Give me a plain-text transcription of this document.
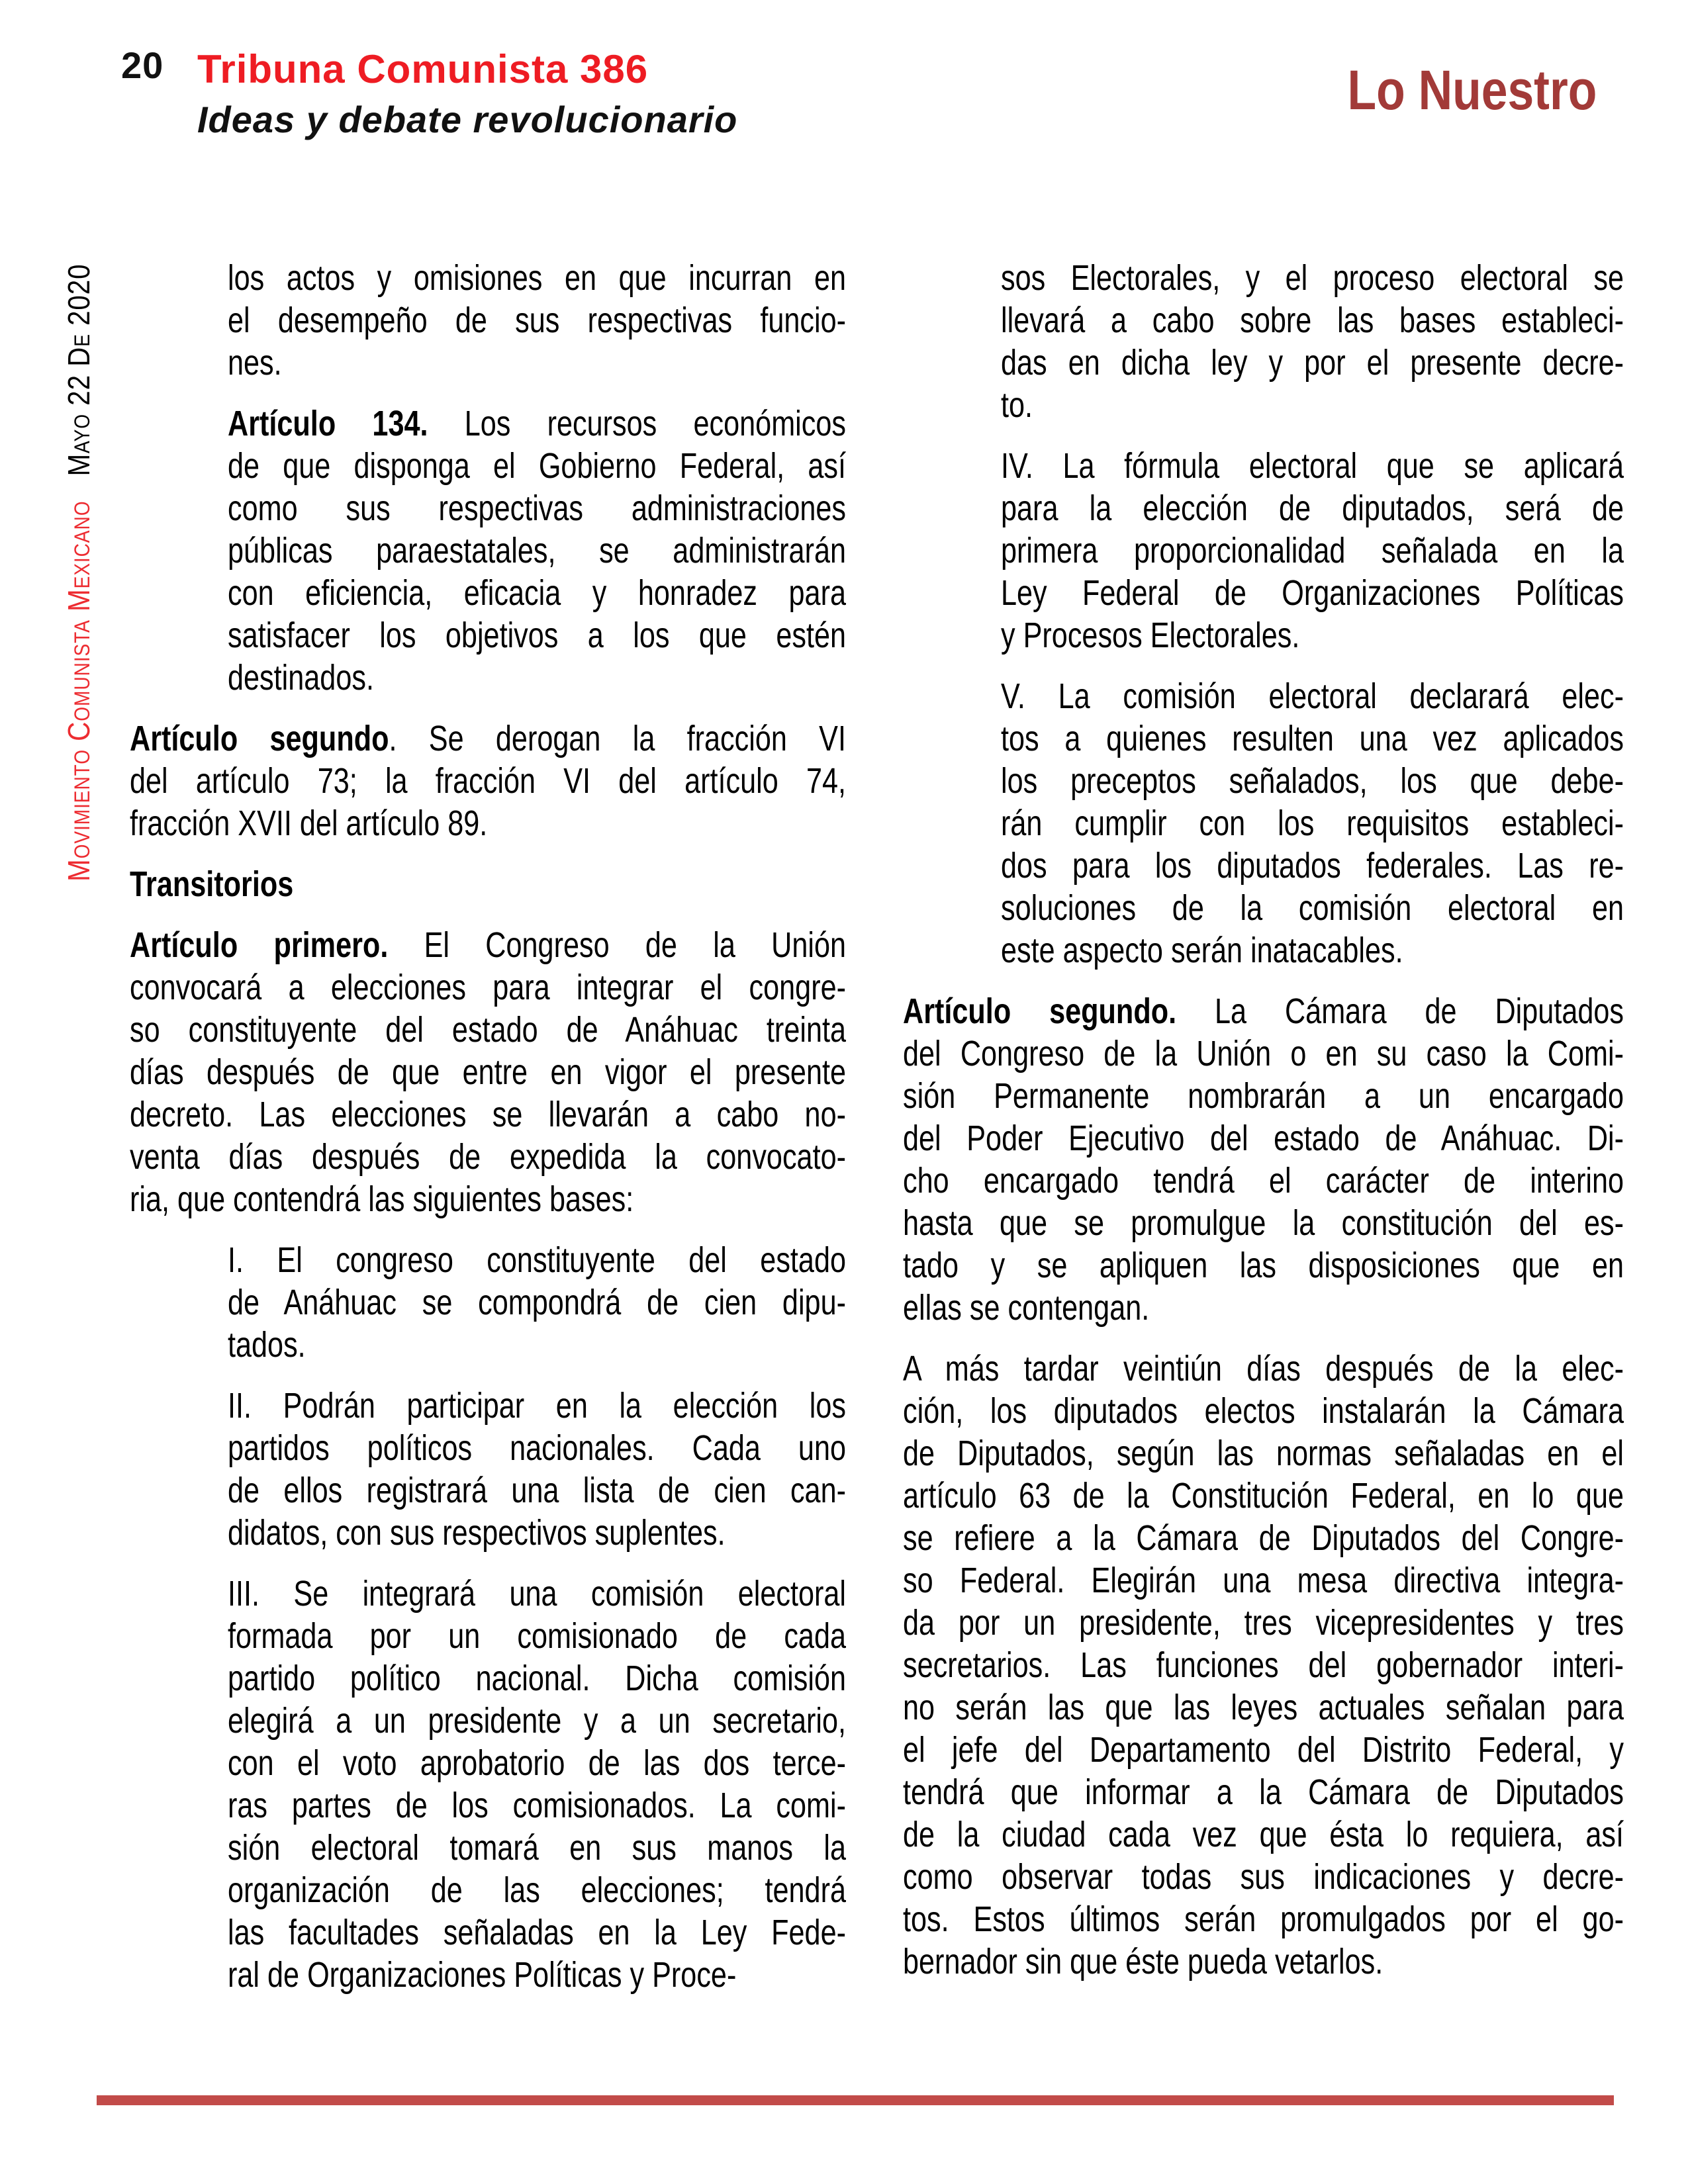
20 Tribuna Comunista 386
Ideas y debate revolucionario	Lo Nuestro
Movimiento Comunista MexicanoMayo 22 De 2020	los actos y omisiones en que incurran en
el desempeño de sus respectivas funcio-
nes.
Artículo 134. Los recursos económicos
de que disponga el Gobierno Federal, así
como sus respectivas administraciones
públicas paraestatales, se administrarán
con eficiencia, eficacia y honradez para
satisfacer los objetivos a los que estén
destinados.
Artículo segundo. Se derogan la fracción VI
del artículo 73; la fracción VI del artículo 74,
fracción XVII del artículo 89.
Transitorios
Artículo primero. El Congreso de la Unión
convocará a elecciones para integrar el congre-
so constituyente del estado de Anáhuac treinta
días después de que entre en vigor el presente
decreto. Las elecciones se llevarán a cabo no-
venta días después de expedida la convocato-
ria, que contendrá las siguientes bases:
I. El congreso constituyente del estado
de Anáhuac se compondrá de cien dipu-
tados.
II. Podrán participar en la elección los
partidos políticos nacionales. Cada uno
de ellos registrará una lista de cien can-
didatos, con sus respectivos suplentes.
III. Se integrará una comisión electoral
formada por un comisionado de cada
partido político nacional. Dicha comisión
elegirá a un presidente y a un secretario,
con el voto aprobatorio de las dos terce-
ras partes de los comisionados. La comi-
sión electoral tomará en sus manos la
organización de las elecciones; tendrá
las facultades señaladas en la Ley Fede-
ral de Organizaciones Políticas y Proce-
sos Electorales, y el proceso electoral se
llevará a cabo sobre las bases estableci-
das en dicha ley y por el presente decre-
to.
IV. La fórmula electoral que se aplicará
para la elección de diputados, será de
primera proporcionalidad señalada en la
Ley Federal de Organizaciones Políticas
y Procesos Electorales.
V. La comisión electoral declarará elec-
tos a quienes resulten una vez aplicados
los preceptos señalados, los que debe-
rán cumplir con los requisitos estableci-
dos para los diputados federales. Las re-
soluciones de la comisión electoral en
este aspecto serán inatacables.
Artículo segundo. La Cámara de Diputados
del Congreso de la Unión o en su caso la Comi-
sión Permanente nombrarán a un encargado
del Poder Ejecutivo del estado de Anáhuac. Di-
cho encargado tendrá el carácter de interino
hasta que se promulgue la constitución del es-
tado y se apliquen las disposiciones que en
ellas se contengan.
A más tardar veintiún días después de la elec-
ción, los diputados electos instalarán la Cámara
de Diputados, según las normas señaladas en el
artículo 63 de la Constitución Federal, en lo que
se refiere a la Cámara de Diputados del Congre-
so Federal. Elegirán una mesa directiva integra-
da por un presidente, tres vicepresidentes y tres
secretarios. Las funciones del gobernador interi-
no serán las que las leyes actuales señalan para
el jefe del Departamento del Distrito Federal, y
tendrá que informar a la Cámara de Diputados
de la ciudad cada vez que ésta lo requiera, así
como observar todas sus indicaciones y decre-
tos. Estos últimos serán promulgados por el go-
bernador sin que éste pueda vetarlos.
